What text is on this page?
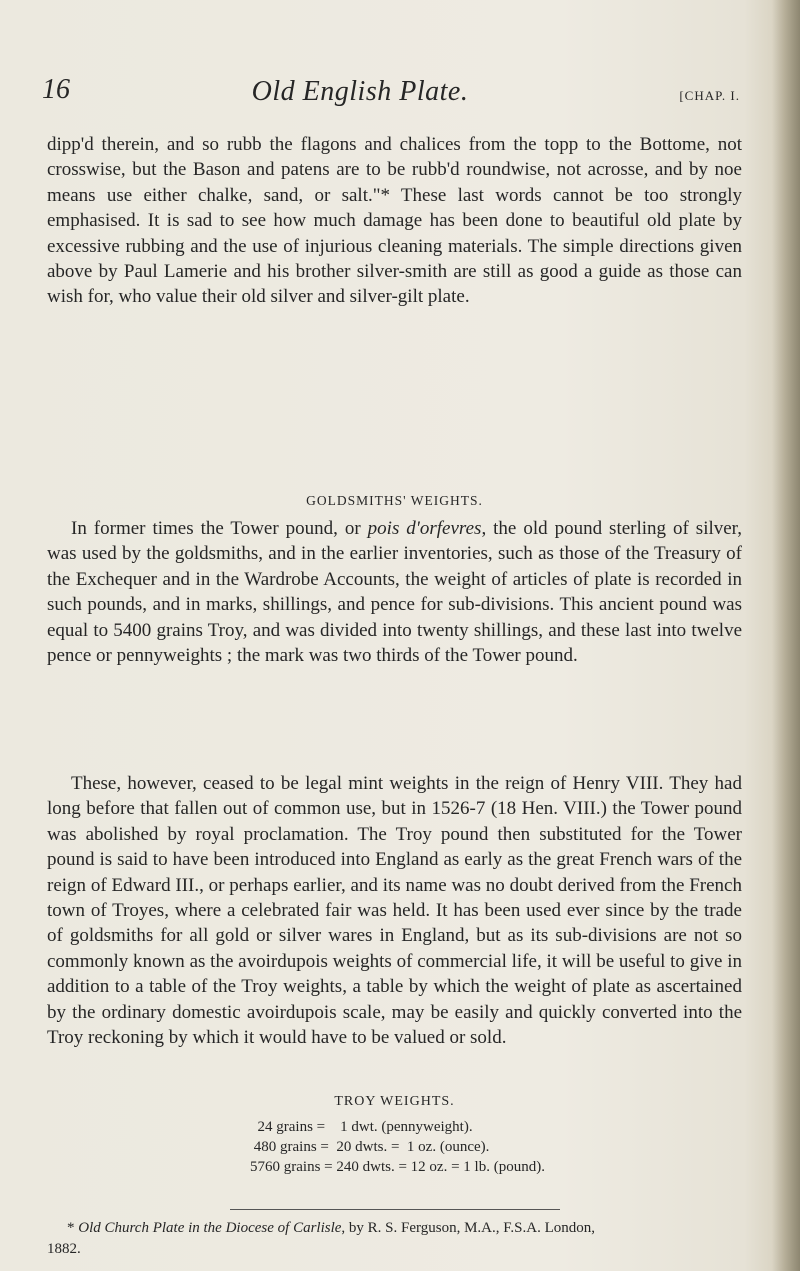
16	Old English Plate.	[CHAP. I.

dipp'd therein, and so rubb the flagons and chalices from the topp to the Bottome, not crosswise, but the Bason and patens are to be rubb'd roundwise, not acrosse, and by noe means use either chalke, sand, or salt."* These last words cannot be too strongly emphasised. It is sad to see how much damage has been done to beautiful old plate by excessive rubbing and the use of injurious cleaning materials. The simple directions given above by Paul Lamerie and his brother silver-smith are still as good a guide as those can wish for, who value their old silver and silver-gilt plate.

GOLDSMITHS' WEIGHTS.

In former times the Tower pound, or pois d'orfevres, the old pound sterling of silver, was used by the goldsmiths, and in the earlier inventories, such as those of the Treasury of the Exchequer and in the Wardrobe Accounts, the weight of articles of plate is recorded in such pounds, and in marks, shillings, and pence for sub-divisions. This ancient pound was equal to 5400 grains Troy, and was divided into twenty shillings, and these last into twelve pence or pennyweights ; the mark was two thirds of the Tower pound.

These, however, ceased to be legal mint weights in the reign of Henry VIII. They had long before that fallen out of common use, but in 1526-7 (18 Hen. VIII.) the Tower pound was abolished by royal proclamation. The Troy pound then substituted for the Tower pound is said to have been introduced into England as early as the great French wars of the reign of Edward III., or perhaps earlier, and its name was no doubt derived from the French town of Troyes, where a celebrated fair was held. It has been used ever since by the trade of goldsmiths for all gold or silver wares in England, but as its sub-divisions are not so commonly known as the avoirdupois weights of commercial life, it will be useful to give in addition to a table of the Troy weights, a table by which the weight of plate as ascertained by the ordinary domestic avoirdupois scale, may be easily and quickly converted into the Troy reckoning by which it would have to be valued or sold.

TROY WEIGHTS.
24 grains =    1 dwt. (pennyweight).
480 grains =  20 dwts. =  1 oz. (ounce).
5760 grains = 240 dwts. = 12 oz. = 1 lb. (pound).
* Old Church Plate in the Diocese of Carlisle, by R. S. Ferguson, M.A., F.S.A. London,
1882.
